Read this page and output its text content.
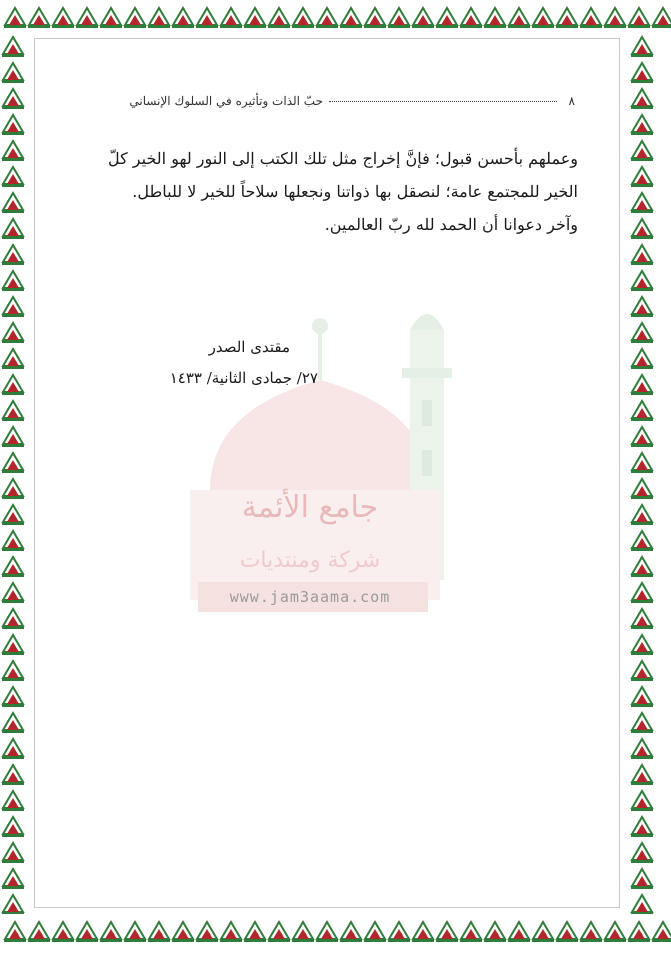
جامع الأئمة
شركة ومنتديات
www.jam3aama.com
٨
حبّ الذات وتأثيره في السلوك الإنساني

وعملهم بأحسن قبول؛ فإنَّ إخراج مثل تلك الكتب إلى النور لهو الخير كلّ

الخير للمجتمع عامة؛ لنصقل بها ذواتنا ونجعلها سلاحاً للخير لا للباطل.

وآخر دعوانا أن الحمد لله ربّ العالمين.

مقتدى الصدر

٢٧/ جمادى الثانية/ ١٤٣٣
